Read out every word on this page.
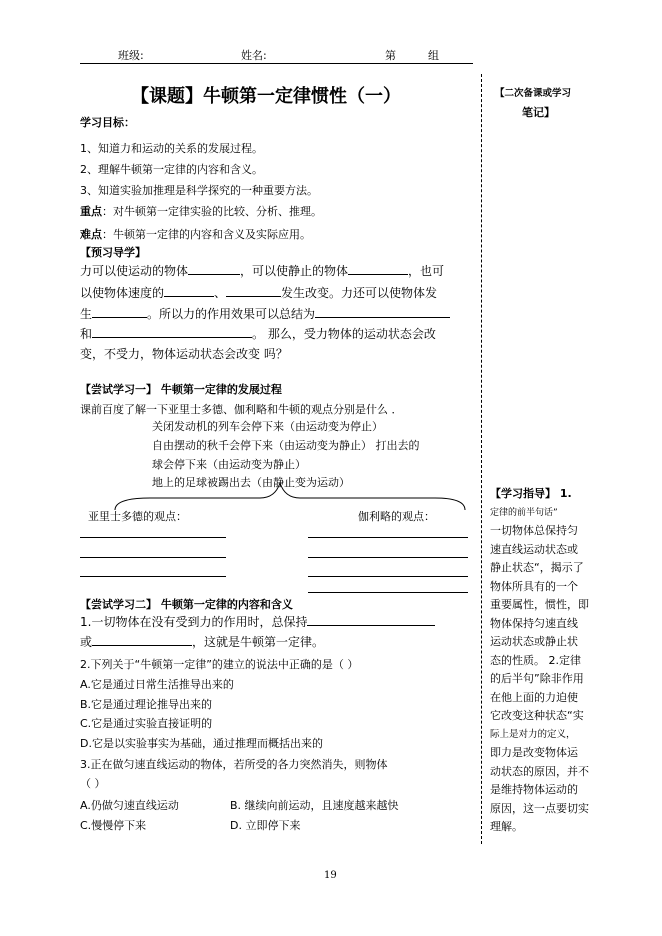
班级:	姓名:	第	组
【课题】牛顿第一定律惯性（一）	【二次备课或学习
笔记】
学习目标：
1、知道力和运动的关系的发展过程。
2、理解牛顿第一定律的内容和含义。
3、知道实验加推理是科学探究的一种重要方法。
重点：对牛顿第一定律实验的比较、分析、推理。
难点：牛顿第一定律的内容和含义及实际应用。
【预习导学】
力可以使运动的物体	，可以使静止的物体	，也可
以使物体速度的	、	发生改变。力还可以使物体发
生	。所以力的作用效果可以总结为
和	。 那么，受力物体的运动状态会改
变，不受力，物体运动状态会改变 吗？
【尝试学习一】 牛顿第一定律的发展过程
课前百度了解一下亚里士多德、伽利略和牛顿的观点分别是什么 ．
关闭发动机的列车会停下来（由运动变为停止）
自由摆动的秋千会停下来（由运动变为静止） 打出去的
球会停下来（由运动变为静止）
地上的足球被踢出去（由静止变为运动）
亚里士多德的观点：	伽利略的观点：
【尝试学习二】 牛顿第一定律的内容和含义
1.一切物体在没有受到力的作用时，总保持
或	，这就是牛顿第一定律。
2.下列关于“牛顿第一定律”的建立的说法中正确的是（ ）
A.它是通过日常生活推导出来的
B.它是通过理论推导出来的
C.它是通过实验直接证明的
D.它是以实验事实为基础，通过推理而概括出来的
3.正在做匀速直线运动的物体，若所受的各力突然消失，则物体
（ ）
A.仍做匀速直线运动	B. 继续向前运动，且速度越来越快
C.慢慢停下来	D. 立即停下来
【学习指导】 1.
定律的前半句话”
一切物体总保持匀
速直线运动状态或
静止状态“，揭示了
物体所具有的一个
重要属性，惯性，即
物体保持匀速直线
运动状态或静止状
态的性质。 2.定律
的后半句”除非作用
在他上面的力迫使
它改变这种状态“实
际上是对力的定义，
即力是改变物体运
动状态的原因，并不
是维持物体运动的
原因，这一点要切实
理解。
19
